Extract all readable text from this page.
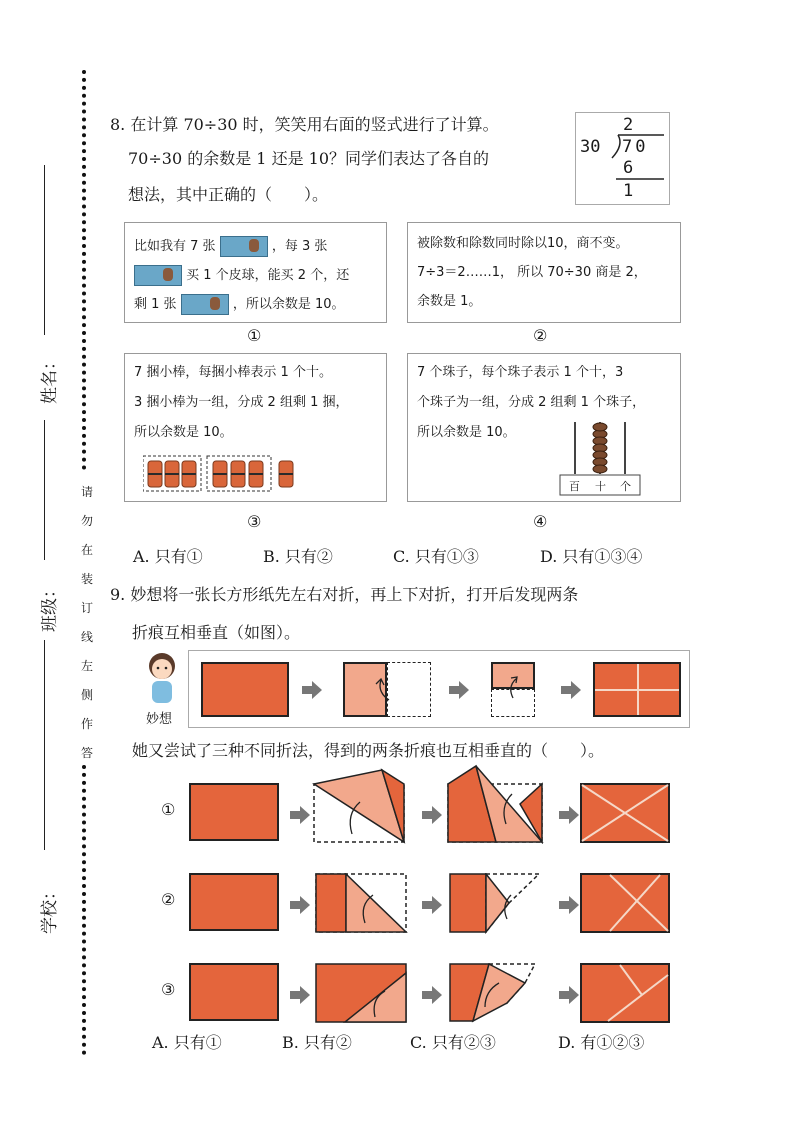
请
勿
在
装
订
线
左
侧
作
答
姓名：
班级：
学校：
8. 在计算 70÷30 时，笑笑用右面的竖式进行了计算。
70÷30 的余数是 1 还是 10？同学们表达了各自的
想法，其中正确的（　　）。
2
30 70
6
1
比如我有 7 张	，每 3 张
买 1 个皮球，能买 2 个，还
剩 1 张	，所以余数是 10。
①
被除数和除数同时除以10，商不变。
7÷3＝2……1， 所以 70÷30 商是 2，
余数是 1。
②
7 捆小棒，每捆小棒表示 1 个十。
3 捆小棒为一组，分成 2 组剩 1 捆，
所以余数是 10。
③
7 个珠子，每个珠子表示 1 个十，3
个珠子为一组，分成 2 组剩 1 个珠子，
所以余数是 10。
百 十 个
④
A. 只有①	B. 只有②	C. 只有①③	D. 只有①③④
9. 妙想将一张长方形纸先左右对折，再上下对折，打开后发现两条
折痕互相垂直（如图）。
妙想
她又尝试了三种不同折法，得到的两条折痕也互相垂直的（　　）。
①
②
③
A. 只有①	B. 只有②	C. 只有②③	D. 有①②③
